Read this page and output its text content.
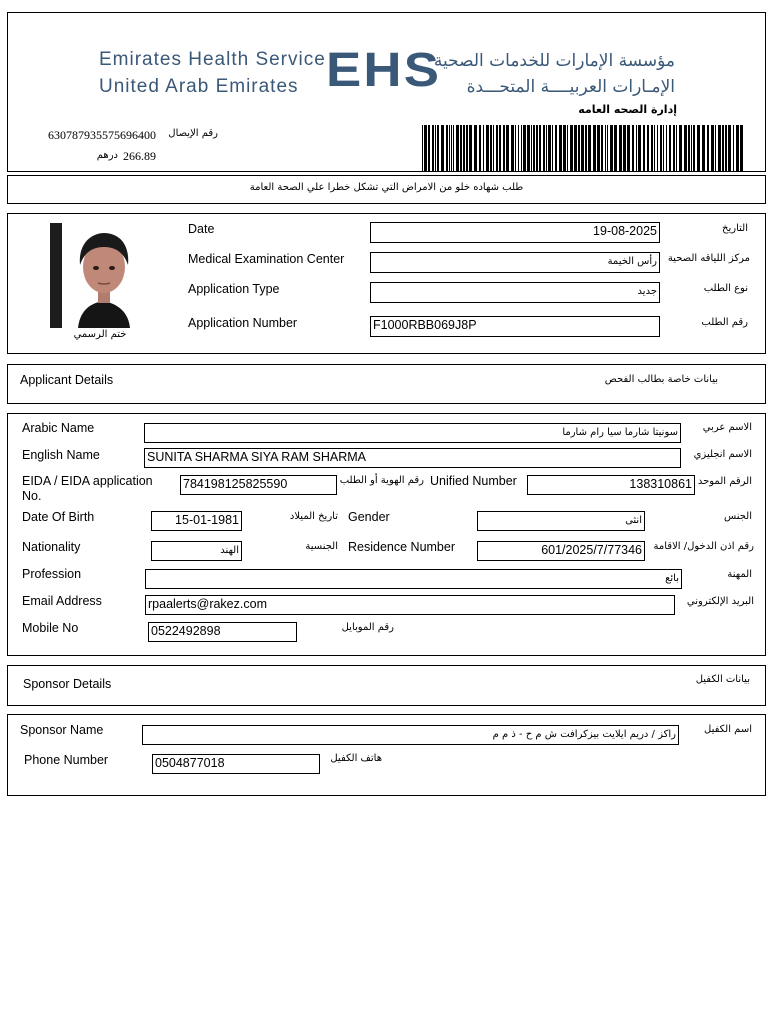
Emirates Health Service
United Arab Emirates EHS
مؤسسة الإمارات للخدمات الصحية
الإمـارات العربيــــة المتحـــدة
إدارة الصحه العامه
630787935575696400 رقم الإيصال
266.89
درهم
طلب شهاده خلو من الامراض التي تشكل خطرا علي الصحة العامة
ختم الرسمي
Date	19-08-2025	التاريخ
Medical Examination Center	رأس الخيمة	مركز اللياقه الصحية
Application Type	جديد	نوع الطلب
Application Number	F1000RBB069J8P	رقم الطلب
Applicant Details	بيانات خاصة بطالب الفحص
Arabic Name	سونيتا شارما سيا رام شارما	الاسم عربي
English Name	SUNITA SHARMA SIYA RAM SHARMA	الاسم انجليزي
EIDA / EIDA application
No.
784198125825590	رقم الهوية أو الطلب Unified Number	138310861 الرقم الموحد
Date Of Birth	15-01-1981	تاريخ الميلاد Gender	انثى	الجنس
Nationality	الهند	الجنسية Residence Number	601/2025/7/77346	رقم اذن الدخول/ الاقامة
Profession	بائع	المهنة
Email Address	rpaalerts@rakez.com	البريد الإلكتروني
Mobile No	0522492898	رقم الموبايل
Sponsor Details	بيانات الكفيل
Sponsor Name	راكز / دريم ايلايت بيزكرافت ش م ح - ذ م م	اسم الكفيل
Phone Number	0504877018	هاتف الكفيل
